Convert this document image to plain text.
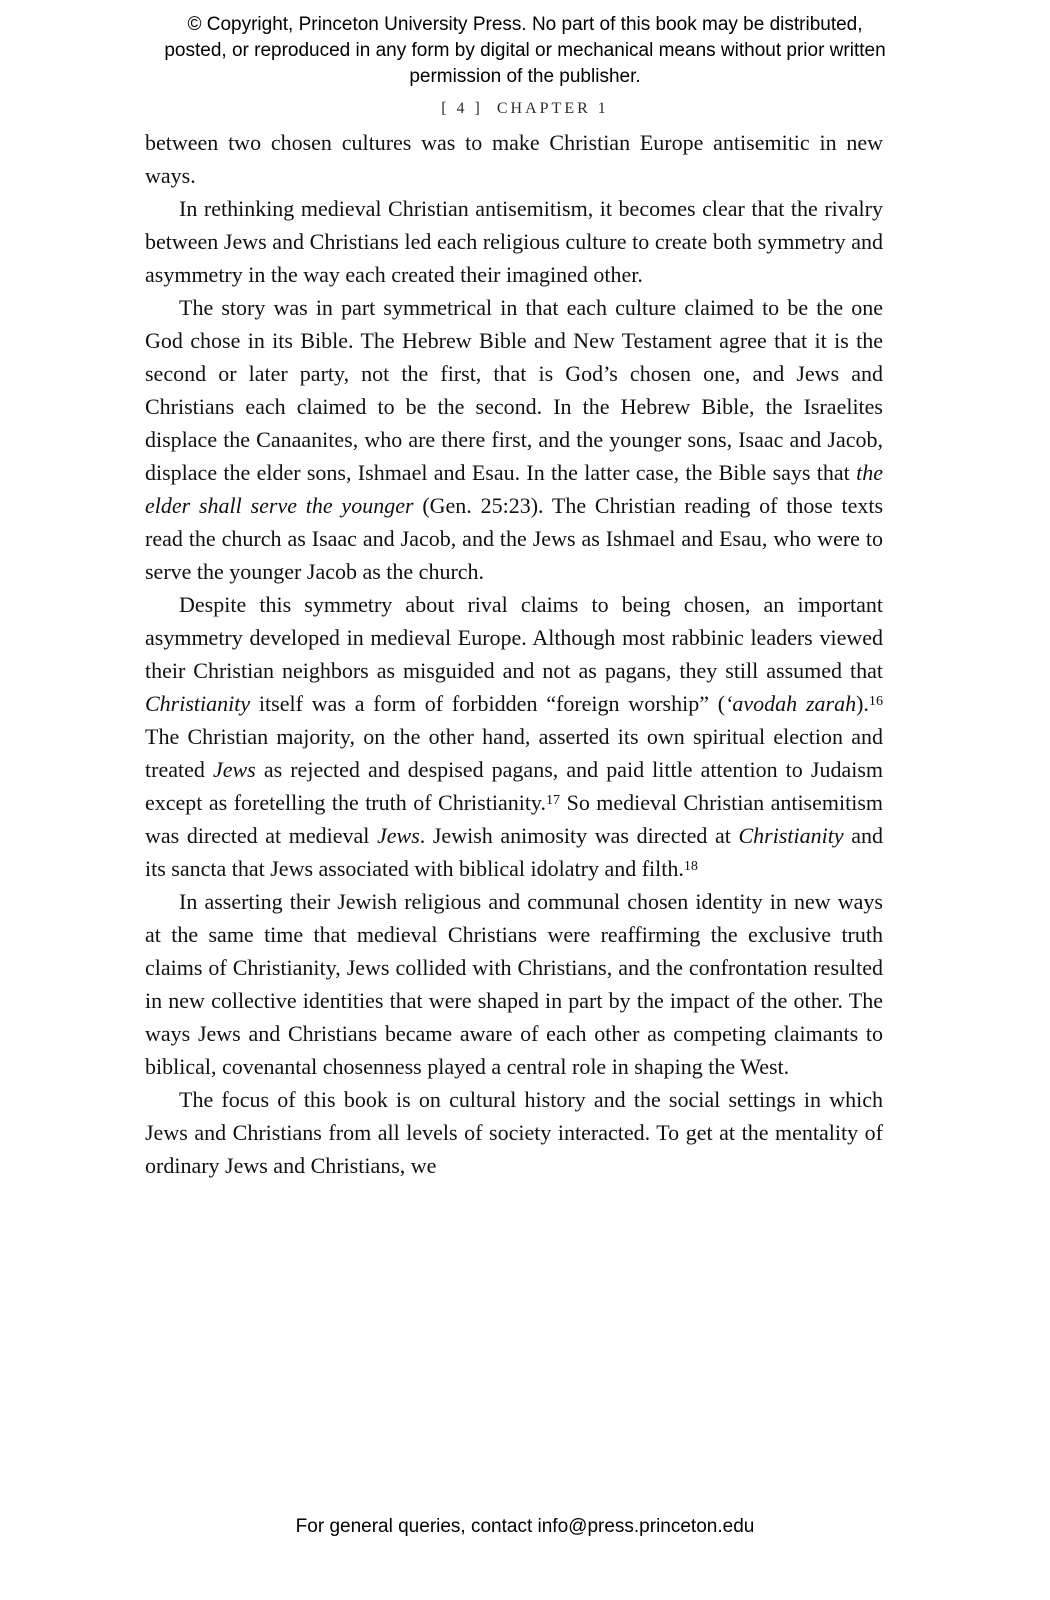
© Copyright, Princeton University Press. No part of this book may be distributed, posted, or reproduced in any form by digital or mechanical means without prior written permission of the publisher.
[ 4 ] CHAPTER 1

between two chosen cultures was to make Christian Europe antisemitic in new ways.

In rethinking medieval Christian antisemitism, it becomes clear that the rivalry between Jews and Christians led each religious culture to create both symmetry and asymmetry in the way each created their imagined other.

The story was in part symmetrical in that each culture claimed to be the one God chose in its Bible. The Hebrew Bible and New Testament agree that it is the second or later party, not the first, that is God’s chosen one, and Jews and Christians each claimed to be the second. In the Hebrew Bible, the Israelites displace the Canaanites, who are there first, and the younger sons, Isaac and Jacob, displace the elder sons, Ishmael and Esau. In the latter case, the Bible says that the elder shall serve the younger (Gen. 25:23). The Christian reading of those texts read the church as Isaac and Jacob, and the Jews as Ishmael and Esau, who were to serve the younger Jacob as the church.

Despite this symmetry about rival claims to being chosen, an important asymmetry developed in medieval Europe. Although most rabbinic leaders viewed their Christian neighbors as misguided and not as pagans, they still assumed that Christianity itself was a form of forbidden “foreign worship” (‘avodah zarah).$^{16}$ The Christian majority, on the other hand, asserted its own spiritual election and treated Jews as rejected and despised pagans, and paid little attention to Judaism except as foretelling the truth of Christianity.$^{17}$ So medieval Christian antisemitism was directed at medieval Jews. Jewish animosity was directed at Christianity and its sancta that Jews associated with biblical idolatry and filth.$^{18}$

In asserting their Jewish religious and communal chosen identity in new ways at the same time that medieval Christians were reaffirming the exclusive truth claims of Christianity, Jews collided with Christians, and the confrontation resulted in new collective identities that were shaped in part by the impact of the other. The ways Jews and Christians became aware of each other as competing claimants to biblical, covenantal chosenness played a central role in shaping the West.

The focus of this book is on cultural history and the social settings in which Jews and Christians from all levels of society interacted. To get at the mentality of ordinary Jews and Christians, we

For general queries, contact info@press.princeton.edu
